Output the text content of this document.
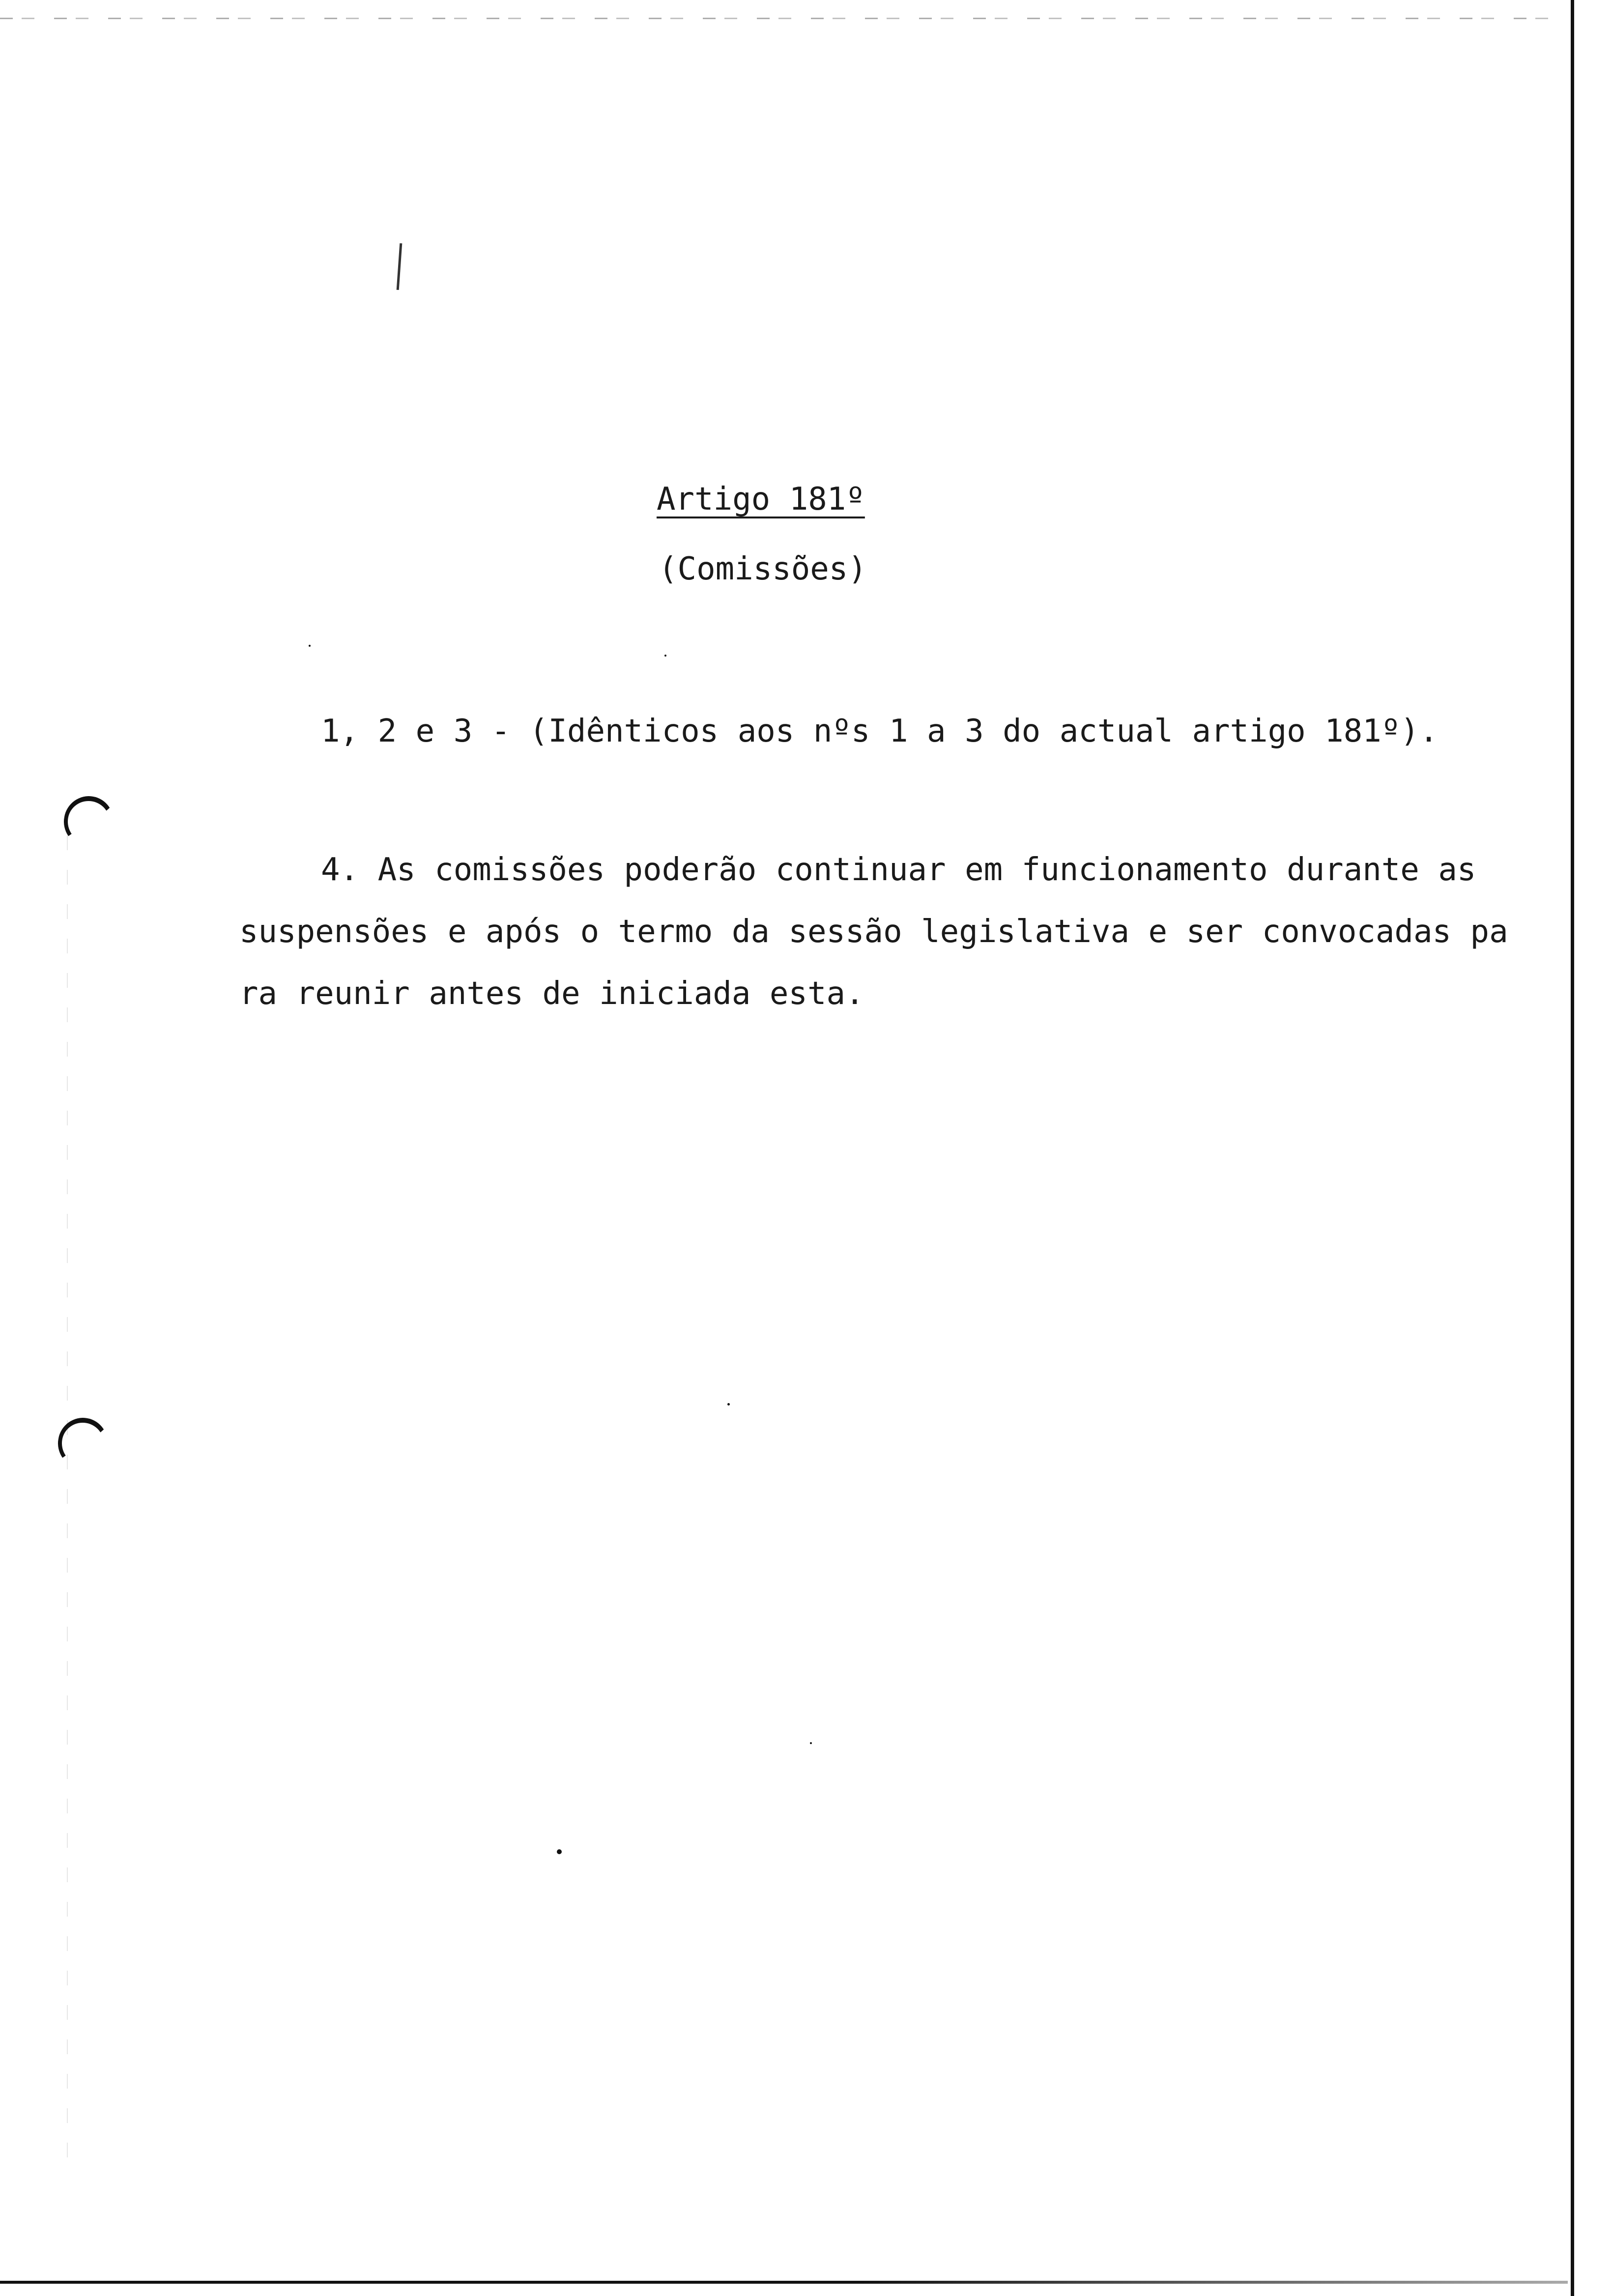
Artigo 181º
(Comissões)
1, 2 e 3 - (Idênticos aos nºs 1 a 3 do actual artigo 181º).
4. As comissões poderão continuar em funcionamento durante as
suspensões e após o termo da sessão legislativa e ser convocadas pa
ra reunir antes de iniciada esta.
